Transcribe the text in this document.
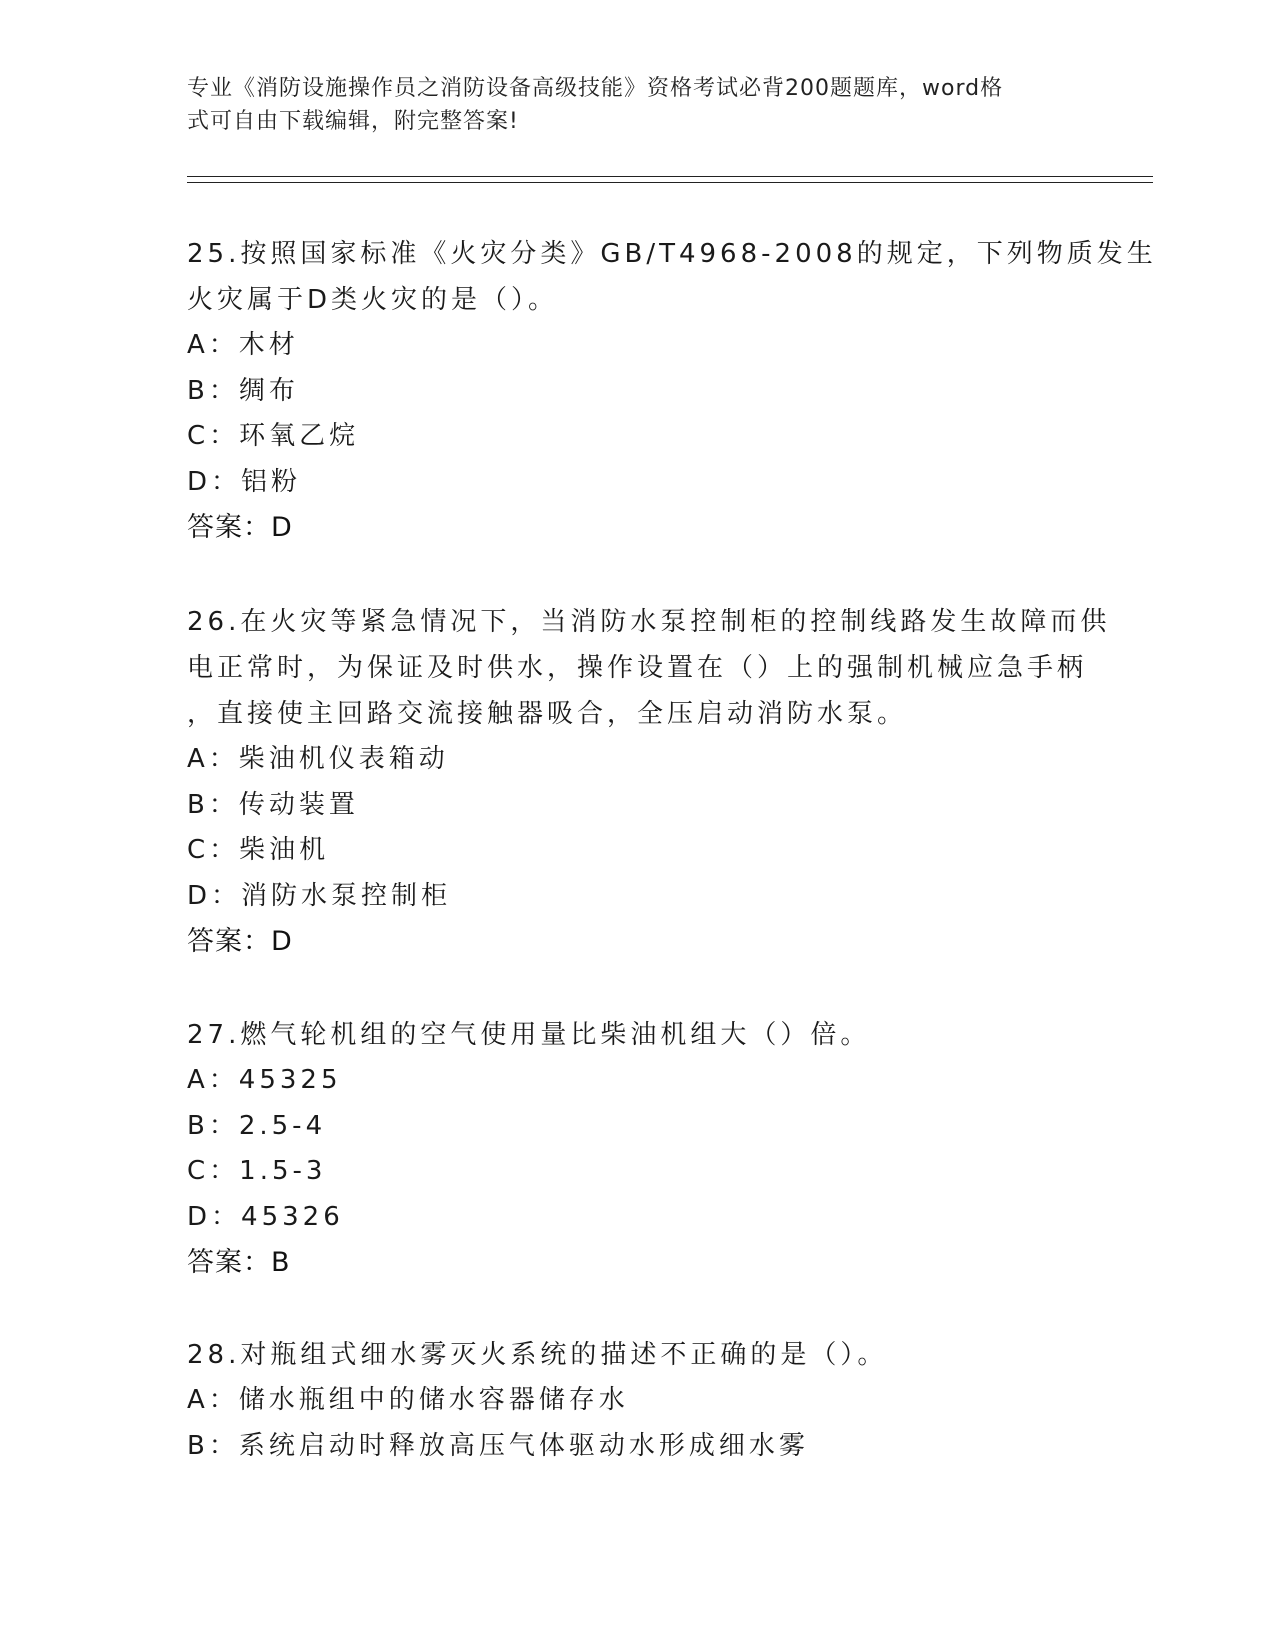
专业《消防设施操作员之消防设备高级技能》资格考试必背200题题库，word格
式可自由下载编辑，附完整答案!
25.按照国家标准《火灾分类》GB/T4968-2008的规定，下列物质发生
火灾属于D类火灾的是（）。
A：木材
B：绸布
C：环氧乙烷
D：铝粉
答案：D
26.在火灾等紧急情况下，当消防水泵控制柜的控制线路发生故障而供
电正常时，为保证及时供水，操作设置在（）上的强制机械应急手柄
，直接使主回路交流接触器吸合，全压启动消防水泵。
A：柴油机仪表箱动
B：传动装置
C：柴油机
D：消防水泵控制柜
答案：D
27.燃气轮机组的空气使用量比柴油机组大（）倍。
A：45325
B：2.5-4
C：1.5-3
D：45326
答案：B
28.对瓶组式细水雾灭火系统的描述不正确的是（）。
A：储水瓶组中的储水容器储存水
B：系统启动时释放高压气体驱动水形成细水雾
